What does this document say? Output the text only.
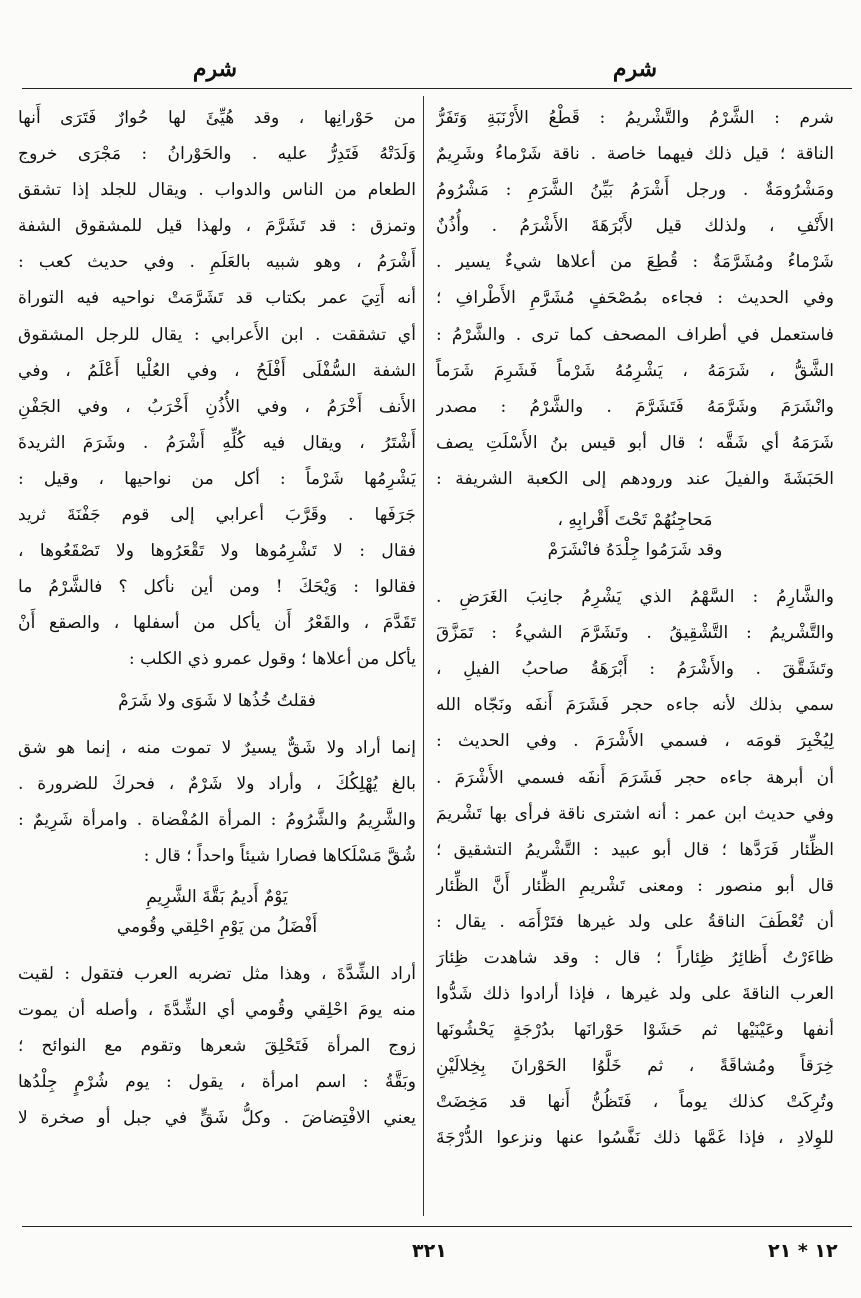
شرم
شرم
شرم : الشَّرْمُ والتَّشْريمُ : قَطْعُ الأَرْنَبَةِ وَتَفَرُّ
الناقة ؛ قيل ذلك فيهما خاصة . ناقة شَرْماءُ وشَرِيمٌ
ومَشْرُومَةٌ . ورجل أَشْرَمُ بَيِّنُ الشَّرَمِ : مَشْرُومُ
الأَنْفِ ، ولذلك قيل لأَبْرَهَةَ الأَشْرَمُ . وأُذُنٌ
شَرْماءُ ومُشَرَّمَةٌ : قُطِعَ من أعلاها شيءٌ يسير .
وفي الحديث : فجاءه بمُصْحَفٍ مُشَرَّمِ الأَطْرافِ ؛
فاستعمل في أطراف المصحف كما ترى . والشَّرْمُ :
الشَّقُّ ، شَرَمَهُ ، يَشْرِمُهُ شَرْماً فَشَرِمَ شَرَماً
وانْشَرَمَ وشَرَّمَهُ فَتَشَرَّمَ . والشَّرْمُ : مصدر
شَرَمَهُ أي شَقَّه ؛ قال أبو قيس بنُ الأَسْلَتِ يصف
الحَبَشَةَ والفيلَ عند ورودهم إلى الكعبة الشريفة :
مَحاجِنُهُمْ تَحْتَ أَقْرابِهِ ،
وقد شَرَمُوا جِلْدَهُ فانْشَرَمْ
والشَّارِمُ : السَّهْمُ الذي يَشْرِمُ جانِبَ الغَرَضِ .
والتَّشْريمُ : التَّشْقِيقُ . وتَشَرَّمَ الشيءُ : تَمَزَّقَ
وتَشَقَّقَ . والأَشْرَمُ : أَبْرَهَةُ صاحبُ الفيلِ ،
سمي بذلك لأنه جاءه حجر فَشَرَمَ أَنفَه ونَجّاه الله
لِيُخْبِرَ قومَه ، فسمي الأَشْرَمَ . وفي الحديث :
أن أبرهة جاءه حجر فَشَرَمَ أَنفَه فسمي الأَشْرَمَ .
وفي حديث ابن عمر : أنه اشترى ناقة فرأى بها تَشْريمَ
الظِّئار فَرَدَّها ؛ قال أبو عبيد : التَّشْريمُ التشقيق ؛
قال أبو منصور : ومعنى تَشْريمِ الظِّئار أَنَّ الظِّئار
أن تُعْطَفَ الناقةُ على ولد غيرها فتَرْأَمَه . يقال :
ظاءَرْتُ أَظائِرُ ظِئاراً ؛ قال : وقد شاهدت ظِئارَ
العرب الناقةَ على ولد غيرها ، فإذا أرادوا ذلك شَدُّوا
أنفها وعَيْنَيْها ثم حَشَوْا حَوْرانَها بدُرْجَةٍ يَحْشُونَها
خِرَقاً ومُشاقَةً ، ثم خَلَّوُا الحَوْرانَ بِخِلالَيْنِ
وتُرِكَتْ كذلك يوماً ، فَتَظُنُّ أَنها قد مَخِضَتْ
للوِلادِ ، فإذا غَمَّها ذلك نَفَّسُوا عنها ونزعوا الدُّرْجَةَ
من حَوْرانِها ، وقد هُيِّئَ لها حُوارٌ فَتَرَى أَنها
وَلَدَتْهُ فَتَدِرُّ عليه . والحَوْرانُ : مَجْرَى خروج
الطعام من الناس والدواب . ويقال للجلد إذا تشقق
وتمزق : قد تَشَرَّمَ ، ولهذا قيل للمشقوق الشفة
أَشْرَمُ ، وهو شبيه بالعَلَمِ . وفي حديث كعب :
أنه أَتِيَ عمر بكتاب قد تَشَرَّمَتْ نواحيه فيه التوراة
أي تشققت . ابن الأَعرابي : يقال للرجل المشقوق
الشفة السُّفْلَى أَفْلَحُ ، وفي العُلْيا أَعْلَمُ ، وفي
الأَنف أَخْرَمُ ، وفي الأُذُنِ أَخْرَبُ ، وفي الجَفْنِ
أَشْتَرُ ، ويقال فيه كُلِّهِ أَشْرَمُ . وشَرَمَ الثريدةَ
يَشْرِمُها شَرْماً : أكل من نواحيها ، وقيل :
جَرَفَها . وقَرَّبَ أعرابي إلى قوم جَفْنَةَ ثريد
فقال : لا تَشْرِمُوها ولا تَقْعَرُوها ولا تَصْقَعُوها ،
فقالوا : وَيْحَكَ ! ومن أين نأكل ؟ فالشَّرْمُ ما
تَقَدَّمَ ، والقَعْرُ أَن يأكل من أسفلها ، والصقع أَنْ
يأكل من أعلاها ؛ وقول عمرو ذي الكلب :
فقلتُ خُذُها لا شَوَى ولا شَرَمْ
إنما أراد ولا شَقٌّ يسيرٌ لا تموت منه ، إنما هو شق
بالغ يُهْلِكُكَ ، وأراد ولا شَرْمٌ ، فحركَ للضرورة .
والشَّرِيمُ والشَّرُومُ : المرأة المُفْضاة . وامرأة شَرِيمٌ :
شُقَّ مَسْلَكاها فصارا شيئاً واحداً ؛ قال :
يَوْمٌ أَديمُ بَقَّةَ الشَّرِيمِ
أَفْضَلُ من يَوْمِ احْلِقي وقُومي
أراد الشِّدَّةَ ، وهذا مثل تضربه العرب فتقول : لقيت
منه يومَ احْلِقي وقُومي أي الشِّدَّةَ ، وأصله أن يموت
زوج المرأة فَتَحْلِقَ شعرها وتقوم مع النوائح ؛
وبَقَّةُ : اسم امرأة ، يقول : يوم شُرْمٍ جِلْدُها
يعني الافْتِضاضَ . وكلُّ شَقٍّ في جبل أو صخرة لا
٣٢١	١٢ * ٢١
